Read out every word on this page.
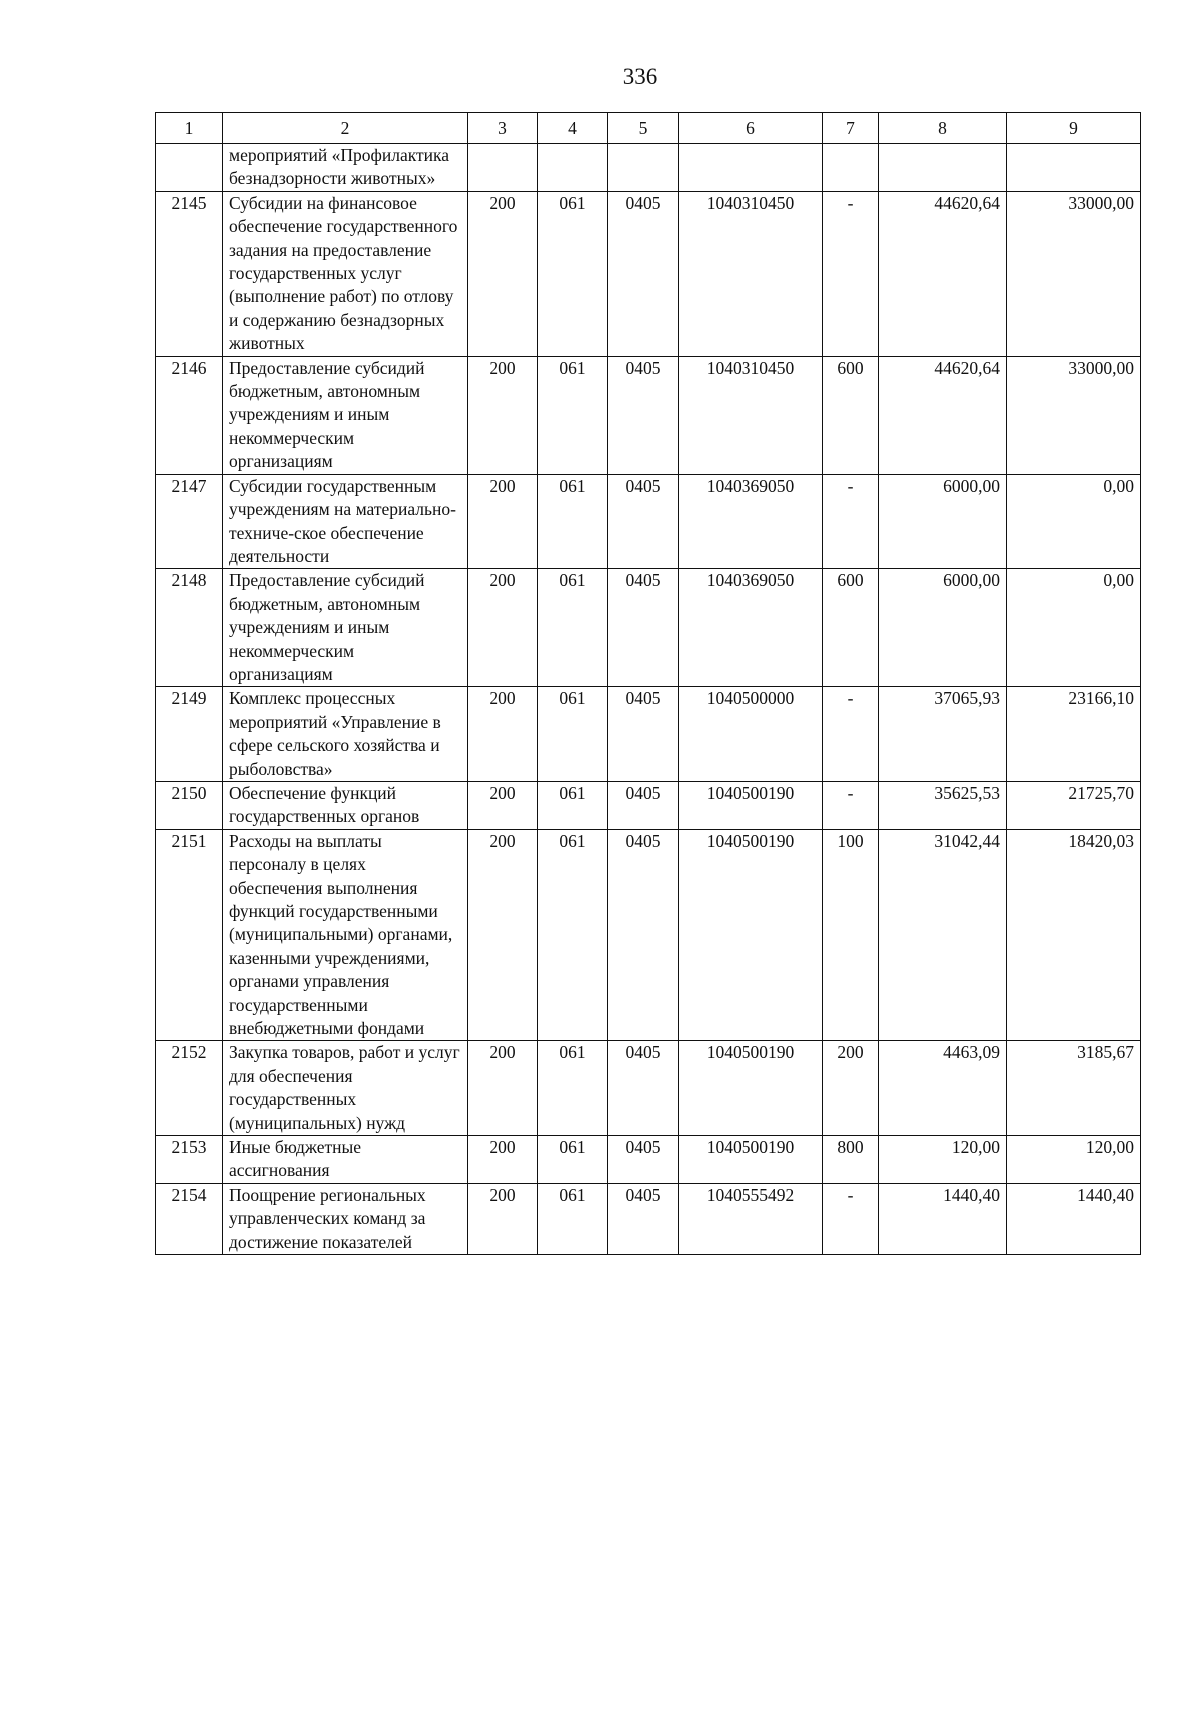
336
1	2	3	4	5	6	7	8	9
	мероприятий «Профилактика безнадзорности животных»							
2145	Субсидии на финансовое обеспечение государственного задания на предоставление государственных услуг (выполнение работ) по отлову и содержанию безнадзорных животных	200	061	0405	1040310450	-	44620,64	33000,00
2146	Предоставление субсидий бюджетным, автономным учреждениям и иным некоммерческим организациям	200	061	0405	1040310450	600	44620,64	33000,00
2147	Субсидии государственным учреждениям на материально-техниче-ское обеспечение деятельности	200	061	0405	1040369050	-	6000,00	0,00
2148	Предоставление субсидий бюджетным, автономным учреждениям и иным некоммерческим организациям	200	061	0405	1040369050	600	6000,00	0,00
2149	Комплекс процессных мероприятий «Управление в сфере сельского хозяйства и рыболовства»	200	061	0405	1040500000	-	37065,93	23166,10
2150	Обеспечение функций государственных органов	200	061	0405	1040500190	-	35625,53	21725,70
2151	Расходы на выплаты персоналу в целях обеспечения выполнения функций государственными (муниципальными) органами, казенными учреждениями, органами управления государственными внебюджетными фондами	200	061	0405	1040500190	100	31042,44	18420,03
2152	Закупка товаров, работ и услуг для обеспечения государственных (муниципальных) нужд	200	061	0405	1040500190	200	4463,09	3185,67
2153	Иные бюджетные ассигнования	200	061	0405	1040500190	800	120,00	120,00
2154	Поощрение региональных управленческих команд за достижение показателей	200	061	0405	1040555492	-	1440,40	1440,40
